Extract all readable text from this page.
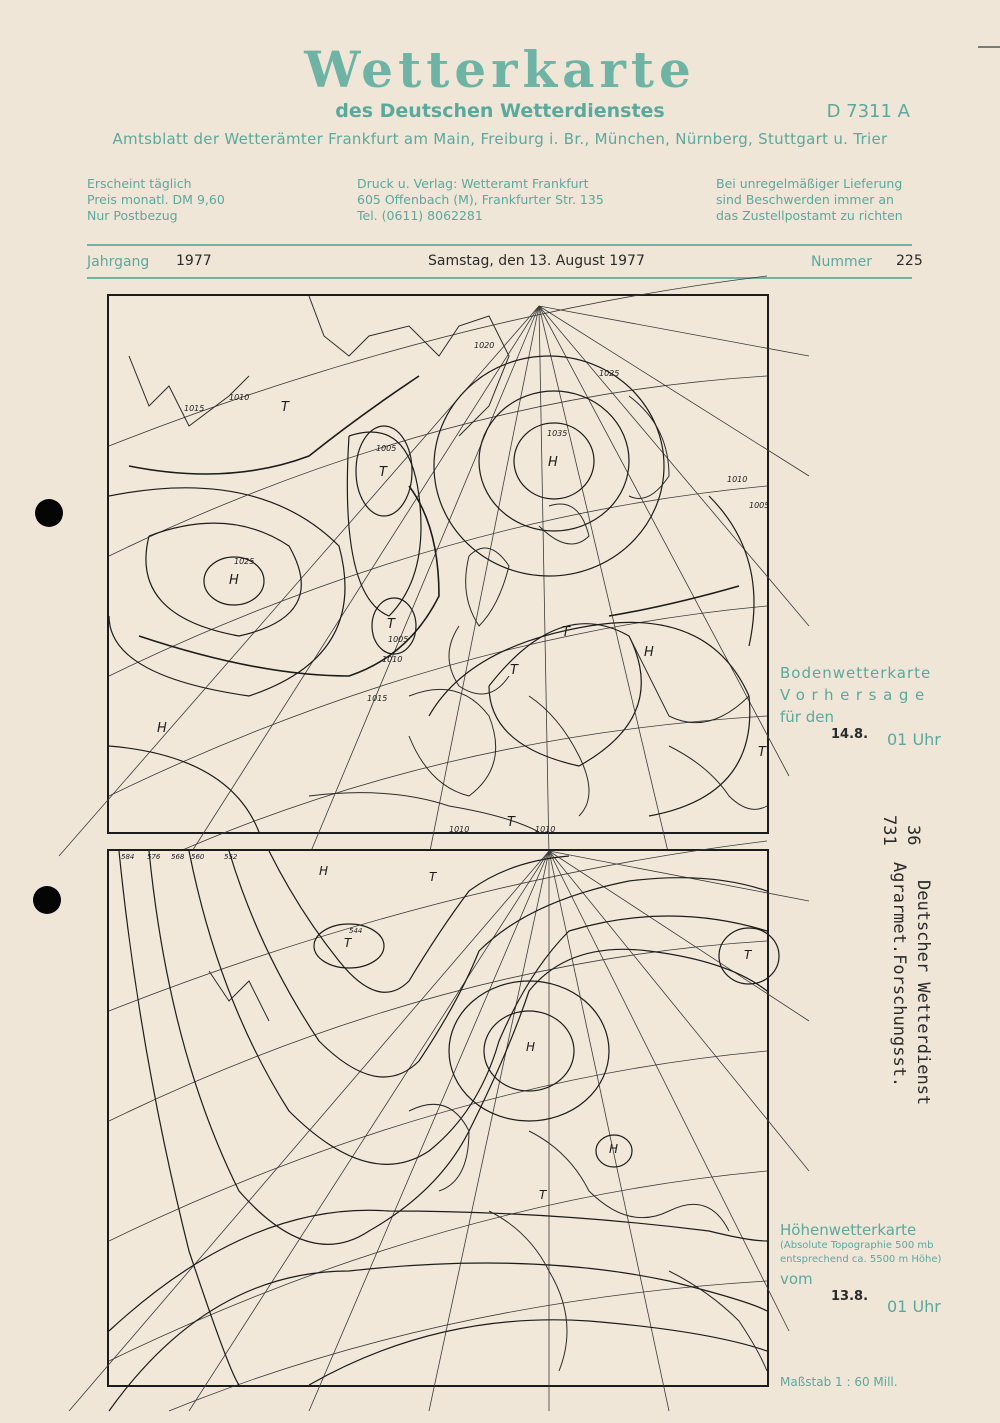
Wetterkarte
des Deutschen Wetterdienstes	D 7311 A
Amtsblatt der Wetterämter Frankfurt am Main, Freiburg i. Br., München, Nürnberg, Stuttgart u. Trier
Erscheint täglich
Preis monatl. DM 9,60
Nur Postbezug
Druck u. Verlag: Wetteramt Frankfurt
605 Offenbach (M), Frankfurter Str. 135
Tel. (0611) 8062281
Bei unregelmäßiger Lieferung
sind Beschwerden immer an
das Zustellpostamt zu richten
Jahrgang 1977	Samstag, den 13. August 1977	Nummer 225
H
H
H
H
T
T
T
T
T
T
T
1035
1025
1025
1020
1015
1015
1010
1010
1010
1005
1005
1005
1010	1010
Bodenwetterkarte
Vorhersage
für den
14.8. 01 Uhr
H
H
H
T
T
T
T
584 576 568 560	552
544
Höhenwetterkarte
(Absolute Topographie 500 mb
entsprechend ca. 5500 m Höhe)
vom
13.8.
01 Uhr
Maßstab 1 : 60 Mill.
36
731
Deutscher Wetterdienst
Agrarmet.Forschungsst.
